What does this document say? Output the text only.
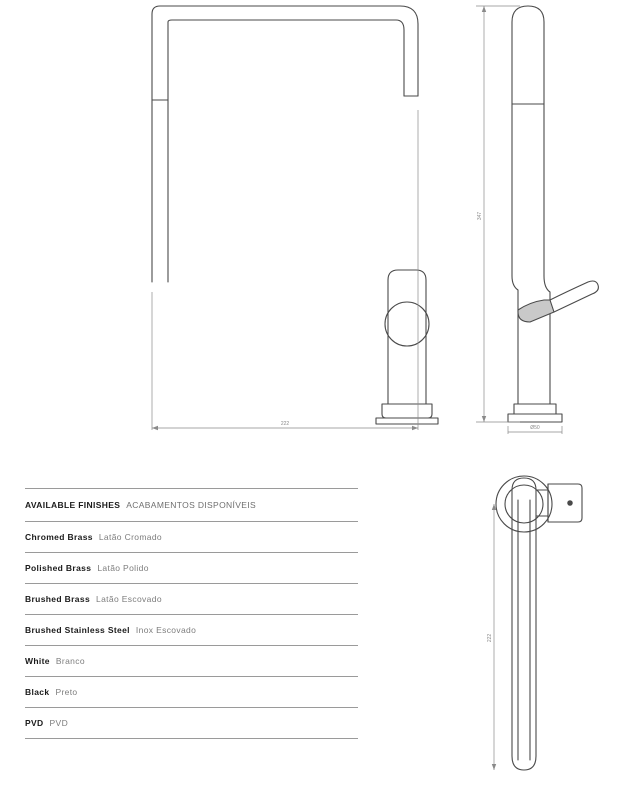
222
347
Ø50
222
AVAILABLE FINISHES ACABAMENTOS DISPONÍVEIS
Chromed Brass Latão Cromado
Polished Brass Latão Polido
Brushed Brass Latão Escovado
Brushed Stainless Steel Inox Escovado
White Branco
Black Preto
PVD PVD
